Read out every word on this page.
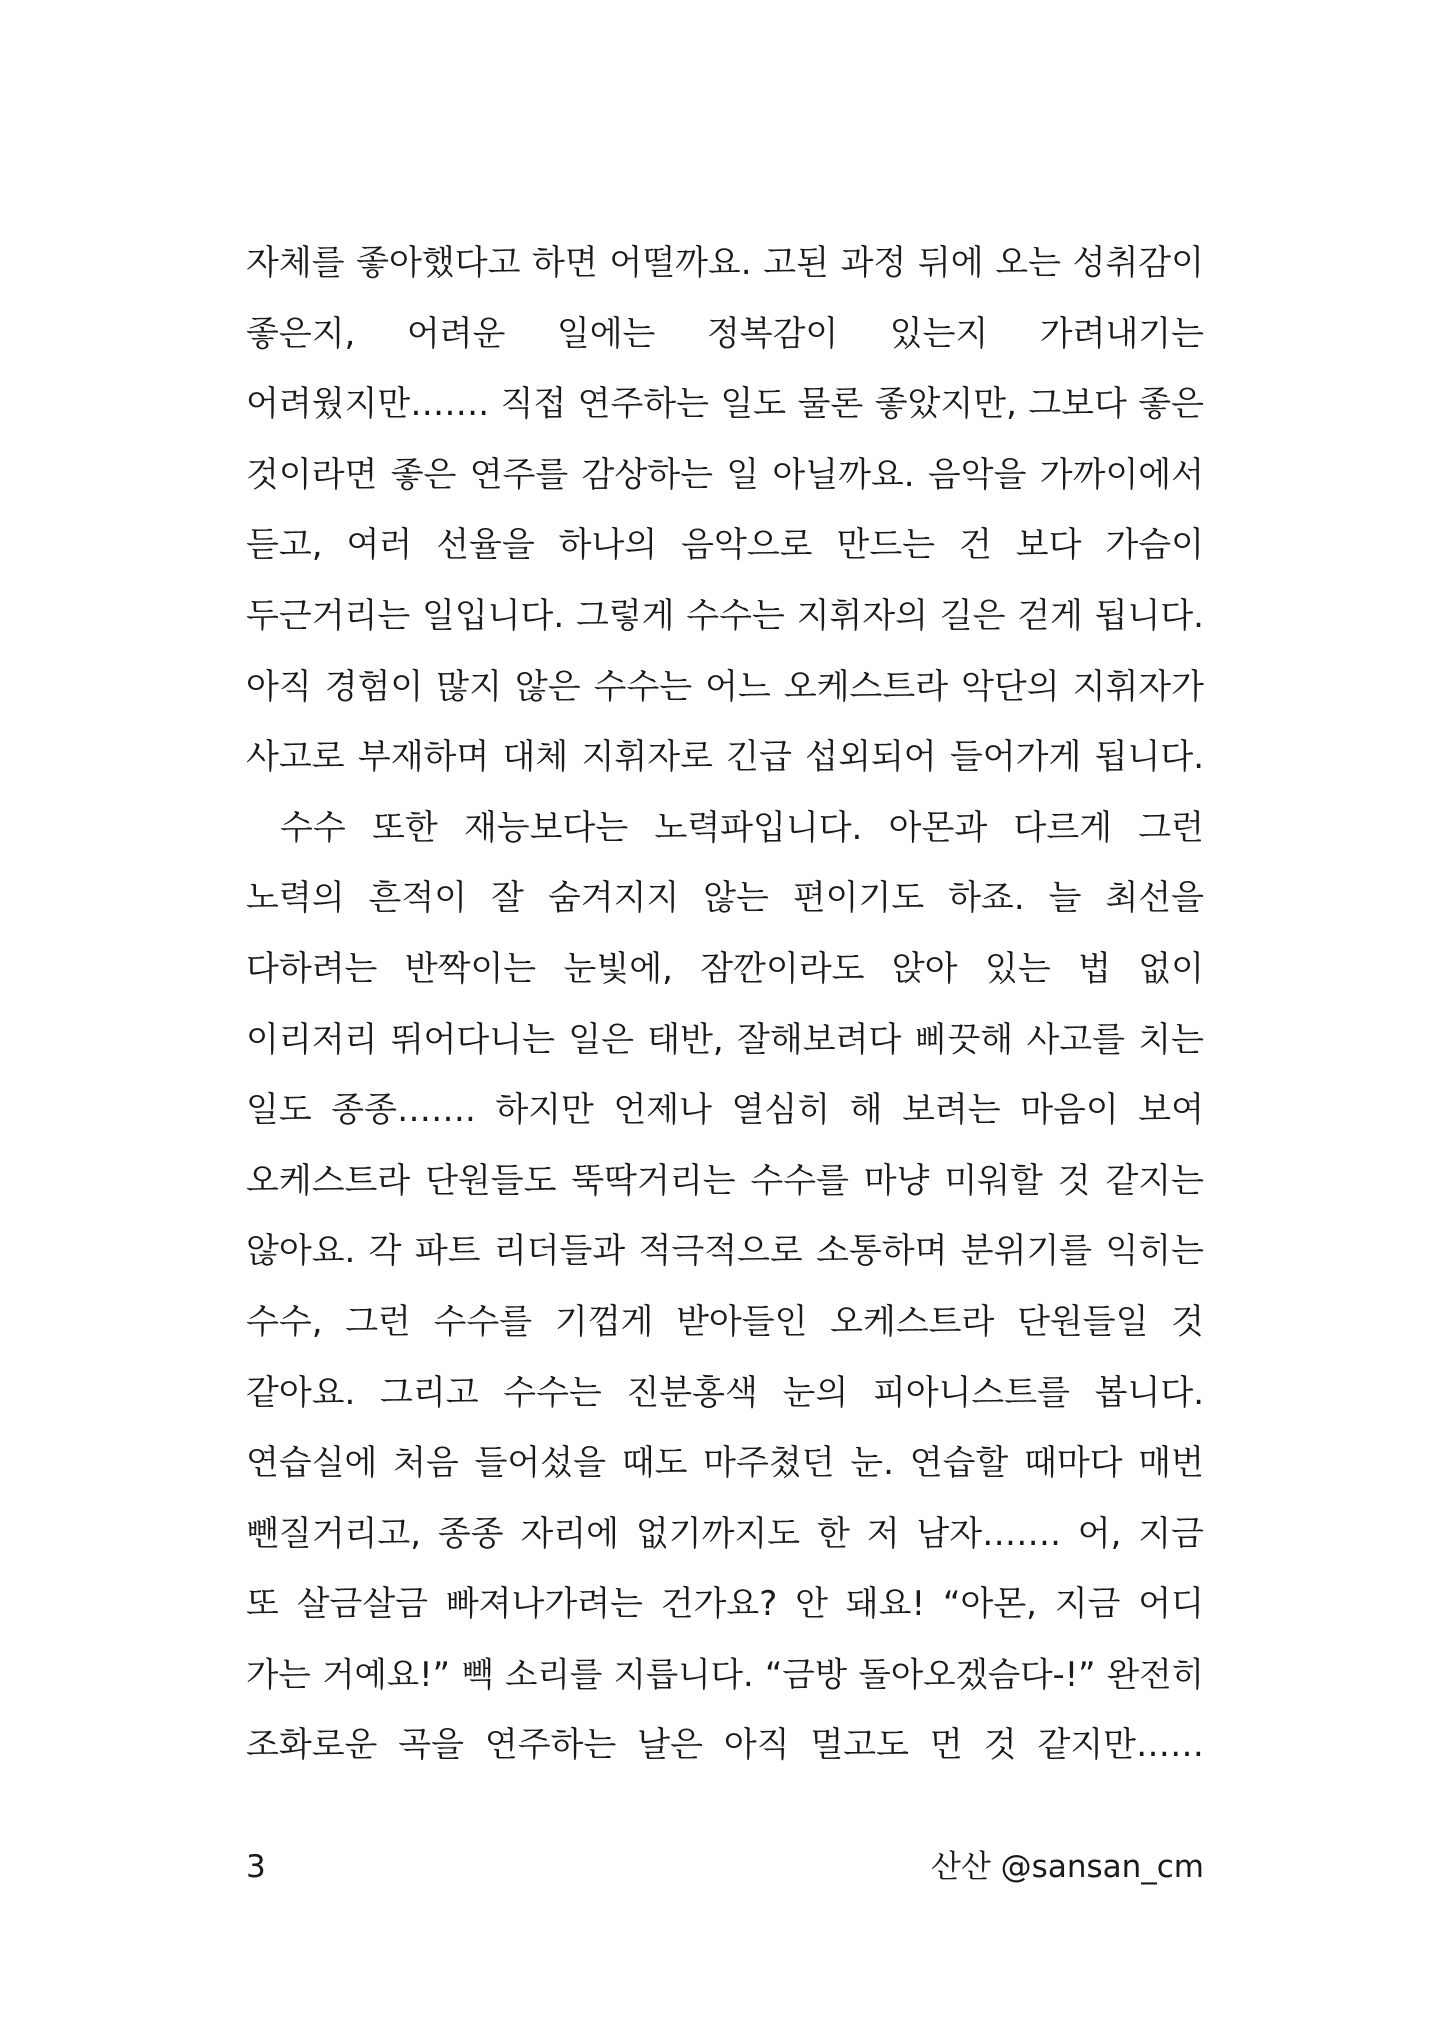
자체를 좋아했다고 하면 어떨까요. 고된 과정 뒤에 오는 성취감이
좋은지, 어려운 일에는 정복감이 있는지 가려내기는
어려웠지만……. 직접 연주하는 일도 물론 좋았지만, 그보다 좋은
것이라면 좋은 연주를 감상하는 일 아닐까요. 음악을 가까이에서
듣고, 여러 선율을 하나의 음악으로 만드는 건 보다 가슴이
두근거리는 일입니다. 그렇게 수수는 지휘자의 길은 걷게 됩니다.
아직 경험이 많지 않은 수수는 어느 오케스트라 악단의 지휘자가
사고로 부재하며 대체 지휘자로 긴급 섭외되어 들어가게 됩니다.
수수 또한 재능보다는 노력파입니다. 아몬과 다르게 그런
노력의 흔적이 잘 숨겨지지 않는 편이기도 하죠. 늘 최선을
다하려는 반짝이는 눈빛에, 잠깐이라도 앉아 있는 법 없이
이리저리 뛰어다니는 일은 태반, 잘해보려다 삐끗해 사고를 치는
일도 종종……. 하지만 언제나 열심히 해 보려는 마음이 보여
오케스트라 단원들도 뚝딱거리는 수수를 마냥 미워할 것 같지는
않아요. 각 파트 리더들과 적극적으로 소통하며 분위기를 익히는
수수, 그런 수수를 기껍게 받아들인 오케스트라 단원들일 것
같아요. 그리고 수수는 진분홍색 눈의 피아니스트를 봅니다.
연습실에 처음 들어섰을 때도 마주쳤던 눈. 연습할 때마다 매번
뺀질거리고, 종종 자리에 없기까지도 한 저 남자……. 어, 지금
또 살금살금 빠져나가려는 건가요? 안 돼요! “아몬, 지금 어디
가는 거예요!” 빽 소리를 지릅니다. “금방 돌아오겠슴다-!” 완전히
조화로운 곡을 연주하는 날은 아직 멀고도 먼 것 같지만……
3	산산 @sansan_cm
